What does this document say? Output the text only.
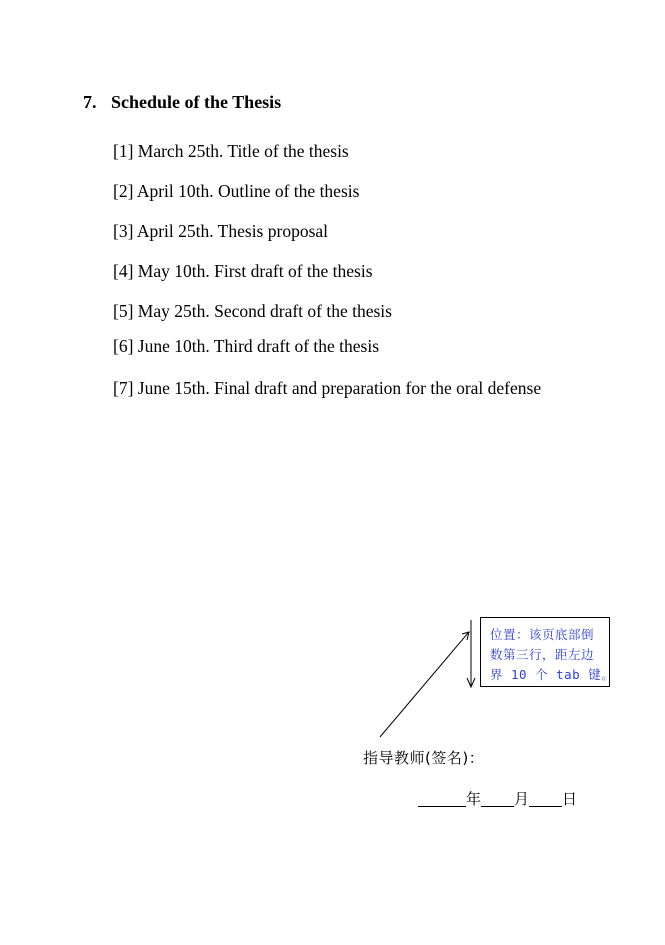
7. Schedule of the Thesis
[1] March 25th. Title of the thesis
[2] April 10th. Outline of the thesis
[3] April 25th. Thesis proposal
[4] May 10th. First draft of the thesis
[5] May 25th. Second draft of the thesis
[6] June 10th. Third draft of the thesis
[7] June 15th. Final draft and preparation for the oral defense
位置：该页底部倒
数第三行，距左边
界 10 个 tab 键。
指导教师(签名)：
年 月 日
